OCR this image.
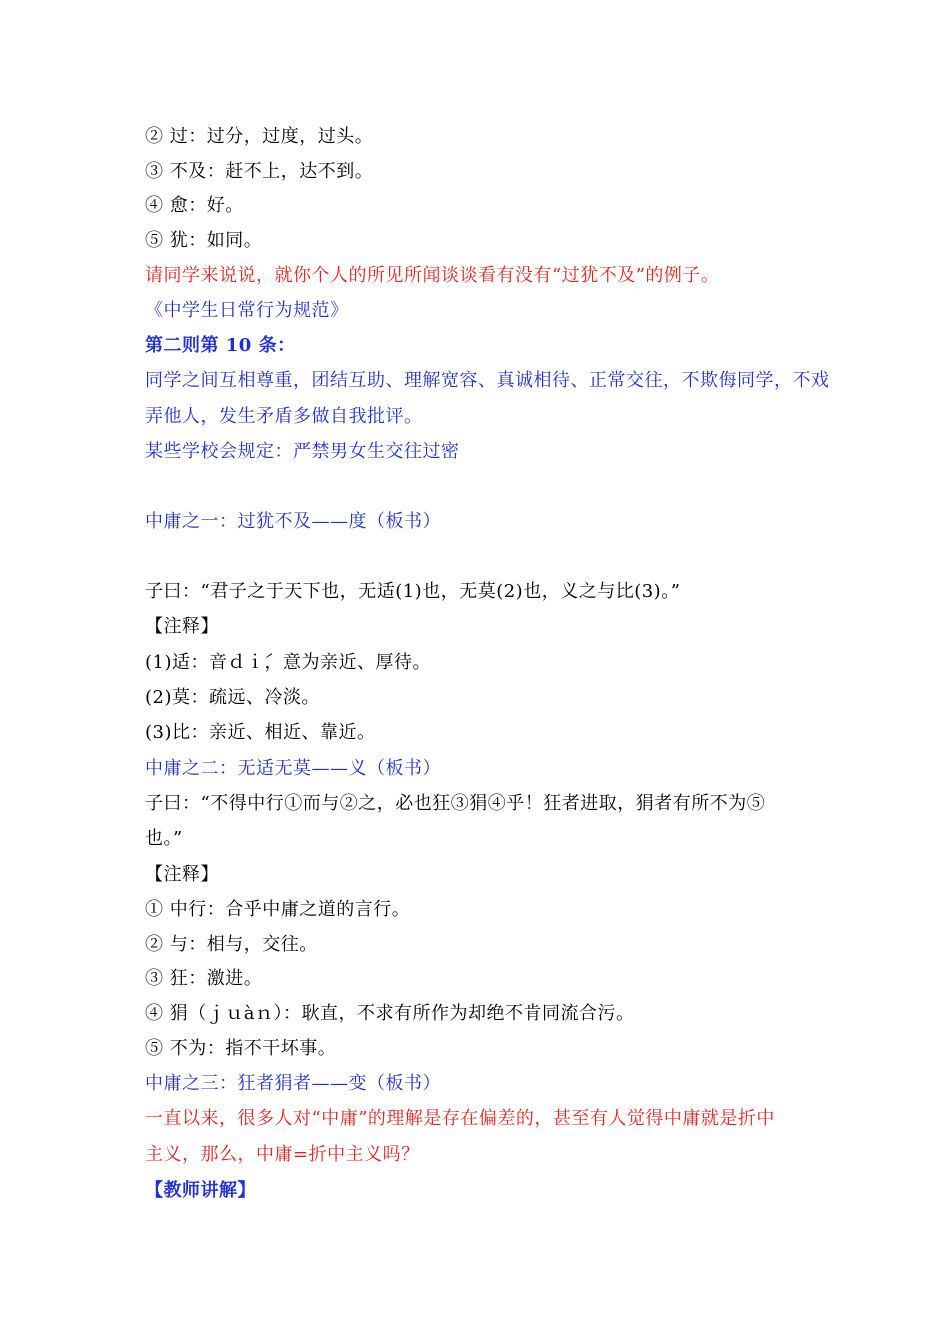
② 过：过分，过度，过头。
③ 不及：赶不上，达不到。
④ 愈：好。
⑤ 犹：如同。
请同学来说说，就你个人的所见所闻谈谈看有没有“过犹不及”的例子。
《中学生日常行为规范》
第二则第 10 条：
同学之间互相尊重，团结互助、理解宽容、真诚相待、正常交往，不欺侮同学，不戏
弄他人，发生矛盾多做自我批评。
某些学校会规定：严禁男女生交往过密
中庸之一：过犹不及——度（板书）
子曰：“君子之于天下也，无适(1)也，无莫(2)也，义之与比(3)。”
【注释】
(1)适：音ｄｉ́，意为亲近、厚待。
(2)莫：疏远、冷淡。
(3)比：亲近、相近、靠近。
中庸之二：无适无莫——义（板书）
子曰：“不得中行①而与②之，必也狂③狷④乎！狂者进取，狷者有所不为⑤
也。”
【注释】
① 中行：合乎中庸之道的言行。
② 与：相与，交往。
③ 狂：激进。
④ 狷（ｊｕàｎ）：耿直，不求有所作为却绝不肯同流合污。
⑤ 不为：指不干坏事。
中庸之三：狂者狷者——变（板书）
一直以来，很多人对“中庸”的理解是存在偏差的，甚至有人觉得中庸就是折中
主义，那么，中庸=折中主义吗？
【教师讲解】
